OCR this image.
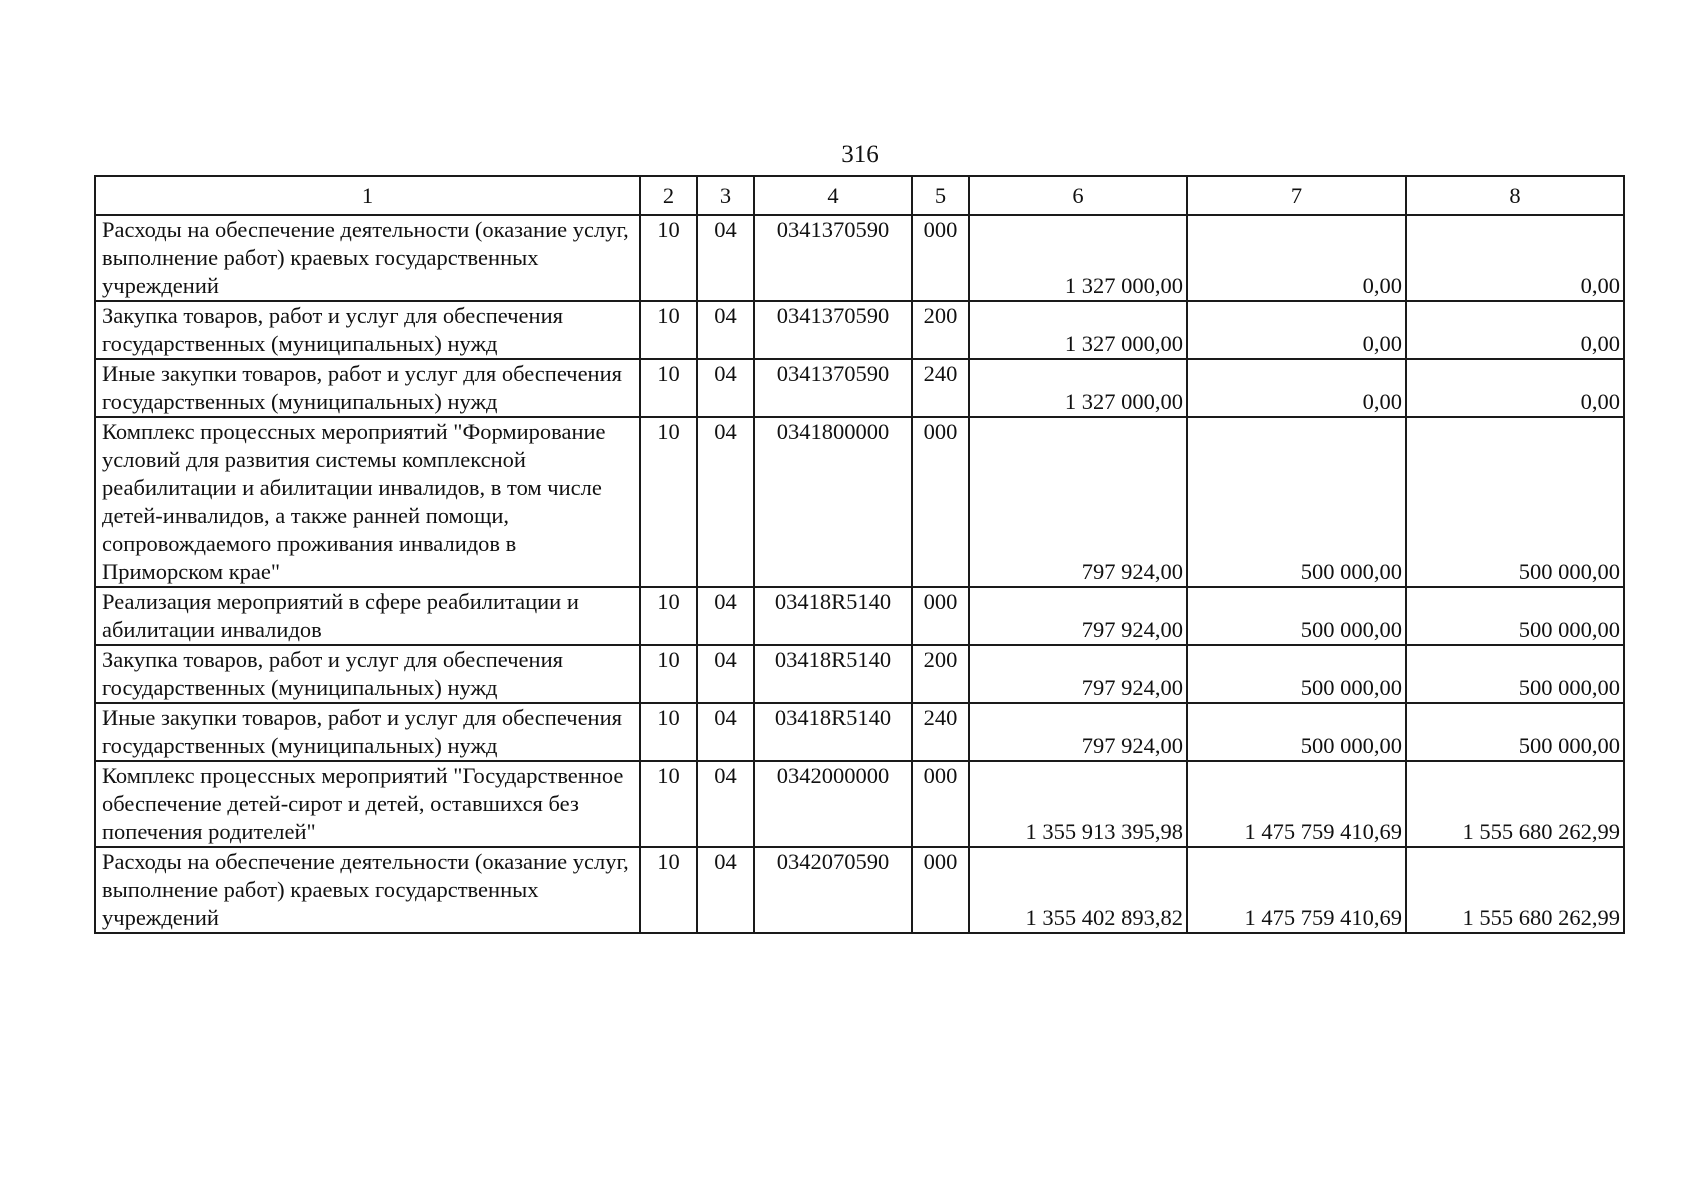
316
1	2	3	4	5	6	7	8
Расходы на обеспечение деятельности (оказание услуг, выполнение работ) краевых государственных учреждений	10	04	0341370590	000	1 327 000,00	0,00	0,00
Закупка товаров, работ и услуг для обеспечения государственных (муниципальных) нужд	10	04	0341370590	200	1 327 000,00	0,00	0,00
Иные закупки товаров, работ и услуг для обеспечения государственных (муниципальных) нужд	10	04	0341370590	240	1 327 000,00	0,00	0,00
Комплекс процессных мероприятий "Формирование условий для развития системы комплексной реабилитации и абилитации инвалидов, в том числе детей-инвалидов, а также ранней помощи, сопровождаемого проживания инвалидов в Приморском крае"	10	04	0341800000	000	797 924,00	500 000,00	500 000,00
Реализация мероприятий в сфере реабилитации и абилитации инвалидов	10	04	03418R5140	000	797 924,00	500 000,00	500 000,00
Закупка товаров, работ и услуг для обеспечения государственных (муниципальных) нужд	10	04	03418R5140	200	797 924,00	500 000,00	500 000,00
Иные закупки товаров, работ и услуг для обеспечения государственных (муниципальных) нужд	10	04	03418R5140	240	797 924,00	500 000,00	500 000,00
Комплекс процессных мероприятий "Государственное обеспечение детей-сирот и детей, оставшихся без попечения родителей"	10	04	0342000000	000	1 355 913 395,98	1 475 759 410,69	1 555 680 262,99
Расходы на обеспечение деятельности (оказание услуг, выполнение работ) краевых государственных учреждений	10	04	0342070590	000	1 355 402 893,82	1 475 759 410,69	1 555 680 262,99
